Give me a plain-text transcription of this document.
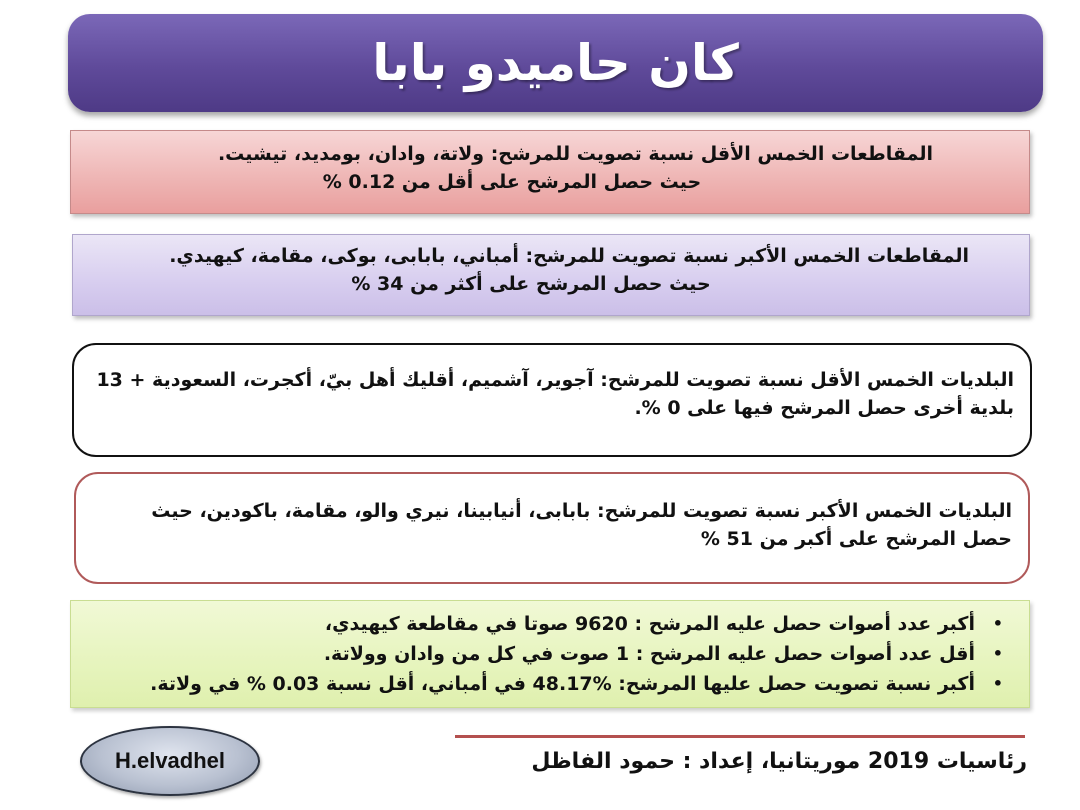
كان حاميدو بابا
المقاطعات الخمس الأقل نسبة تصويت للمرشح: ولاتة، وادان، بومديد، تيشيت.
حيث حصل المرشح على أقل من 0.12 %
المقاطعات الخمس الأكبر نسبة تصويت للمرشح: أمباني، بابابى، بوكى، مقامة، كيهيدي.
حيث حصل المرشح على أكثر من 34 %
البلديات الخمس الأقل نسبة تصويت للمرشح: آجوير، آشميم، أقليك أهل بيّ، أكجرت، السعودية + 13 بلدية أخرى حصل المرشح فيها على 0 %.
البلديات الخمس الأكبر نسبة تصويت للمرشح: بابابى، أنيابينا، نيري والو، مقامة، باكودين، حيث حصل المرشح على أكبر من 51 %
•
أكبر عدد أصوات حصل عليه المرشح : 9620 صوتا في مقاطعة كيهيدي،
•
أقل عدد أصوات حصل عليه المرشح : 1 صوت في كل من وادان وولاتة.
•
أكبر نسبة تصويت حصل عليها المرشح: %48.17 في أمباني، أقل نسبة 0.03 % في ولاتة.
H.elvadhel	رئاسيات 2019 موريتانيا، إعداد : حمود الفاظل
